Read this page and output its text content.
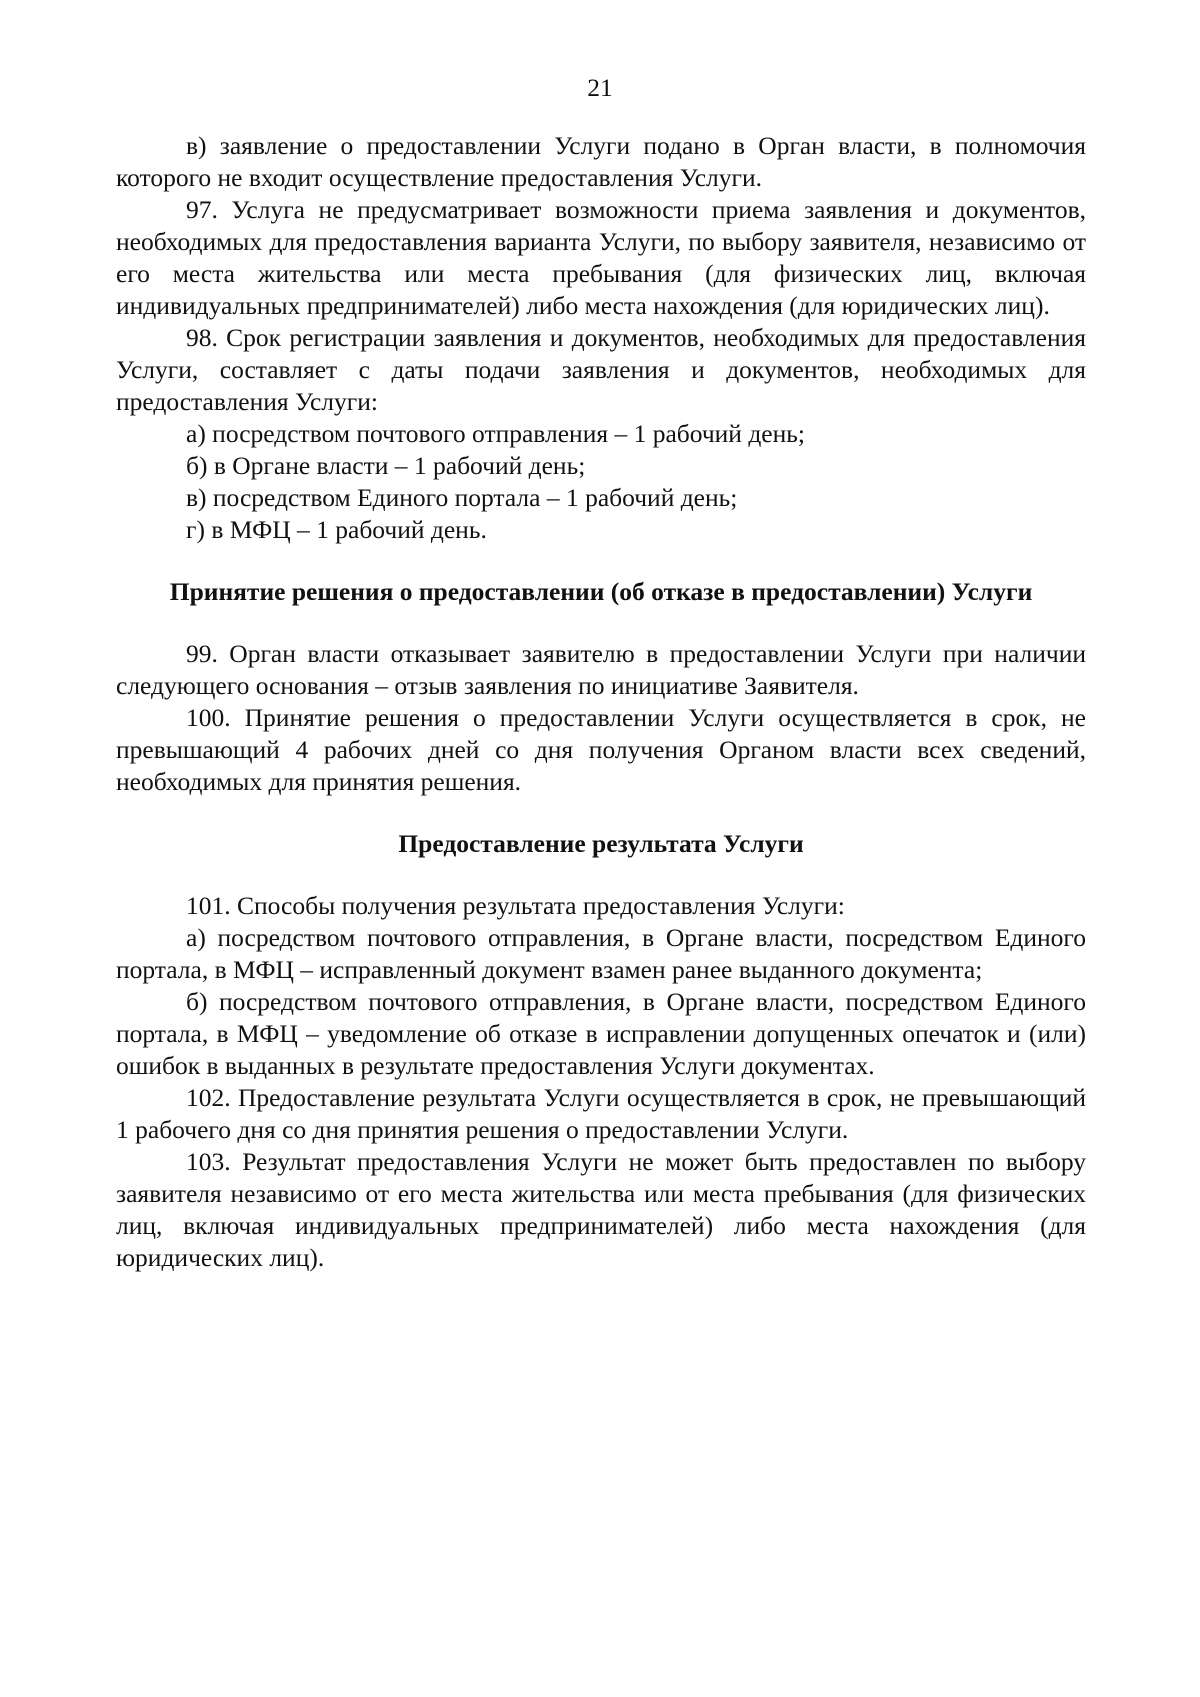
21

в) заявление о предоставлении Услуги подано в Орган власти, в полномочия которого не входит осуществление предоставления Услуги.

97. Услуга не предусматривает возможности приема заявления и документов, необходимых для предоставления варианта Услуги, по выбору заявителя, независимо от его места жительства или места пребывания (для физических лиц, включая индивидуальных предпринимателей) либо места нахождения (для юридических лиц).

98. Срок регистрации заявления и документов, необходимых для предоставления Услуги, составляет с даты подачи заявления и документов, необходимых для предоставления Услуги:

а) посредством почтового отправления – 1 рабочий день;

б) в Органе власти – 1 рабочий день;

в) посредством Единого портала – 1 рабочий день;

г) в МФЦ – 1 рабочий день.

Принятие решения о предоставлении (об отказе в предоставлении) Услуги

99. Орган власти отказывает заявителю в предоставлении Услуги при наличии следующего основания – отзыв заявления по инициативе Заявителя.

100. Принятие решения о предоставлении Услуги осуществляется в срок, не превышающий 4 рабочих дней со дня получения Органом власти всех сведений, необходимых для принятия решения.

Предоставление результата Услуги

101. Способы получения результата предоставления Услуги:

а) посредством почтового отправления, в Органе власти, посредством Единого портала, в МФЦ – исправленный документ взамен ранее выданного документа;

б) посредством почтового отправления, в Органе власти, посредством Единого портала, в МФЦ – уведомление об отказе в исправлении допущенных опечаток и (или) ошибок в выданных в результате предоставления Услуги документах.

102. Предоставление результата Услуги осуществляется в срок, не превышающий 1 рабочего дня со дня принятия решения о предоставлении Услуги.

103. Результат предоставления Услуги не может быть предоставлен по выбору заявителя независимо от его места жительства или места пребывания (для физических лиц, включая индивидуальных предпринимателей) либо места нахождения (для юридических лиц).
